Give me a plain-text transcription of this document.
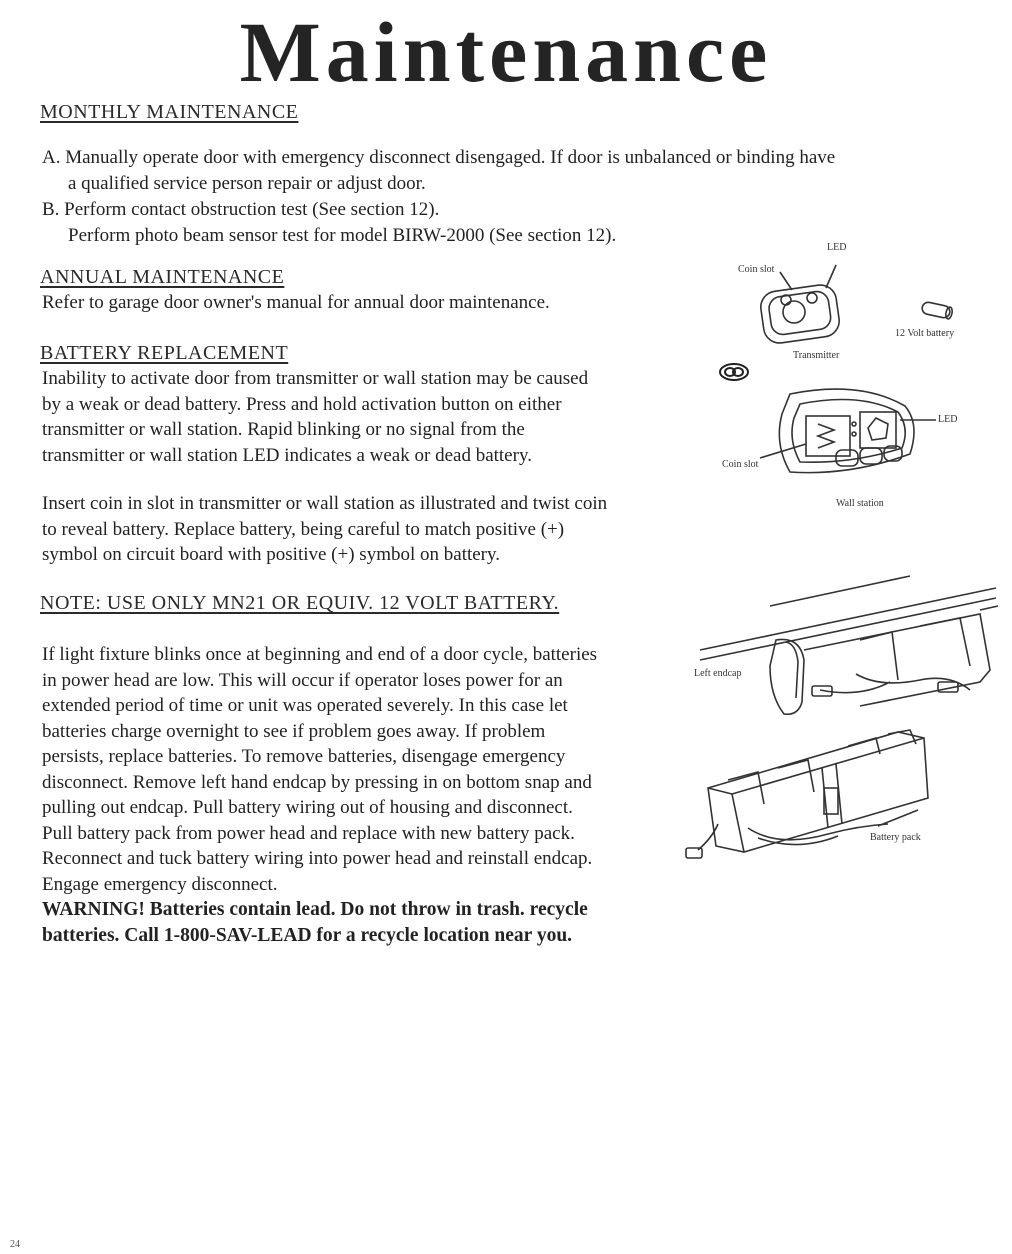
Maintenance
MONTHLY MAINTENANCE
A. Manually operate door with emergency disconnect disengaged. If door is unbalanced or binding have
a qualified service person repair or adjust door.
B. Perform contact obstruction test (See section 12).
Perform photo beam sensor test for model BIRW-2000 (See section 12).
ANNUAL MAINTENANCE
Refer to garage door owner's manual for annual door maintenance.
BATTERY REPLACEMENT
Inability to activate door from transmitter or wall station may be caused
by a weak or dead battery. Press and hold activation button on either
transmitter or wall station. Rapid blinking or no signal from the
transmitter or wall station LED indicates a weak or dead battery.
Insert coin in slot in transmitter or wall station as illustrated and twist coin
to reveal battery. Replace battery, being careful to match positive (+)
symbol on circuit board with positive (+) symbol on battery.
NOTE: USE ONLY MN21 OR EQUIV. 12 VOLT BATTERY.
If light fixture blinks once at beginning and end of a door cycle, batteries
in power head are low. This will occur if operator loses power for an
extended period of time or unit was operated severely. In this case let
batteries charge overnight to see if problem goes away. If problem
persists, replace batteries. To remove batteries, disengage emergency
disconnect. Remove left hand endcap by pressing in on bottom snap and
pulling out endcap. Pull battery wiring out of housing and disconnect.
Pull battery pack from power head and replace with new battery pack.
Reconnect and tuck battery wiring into power head and reinstall endcap.
Engage emergency disconnect.
WARNING! Batteries contain lead. Do not throw in trash. recycle
batteries. Call 1-800-SAV-LEAD for a recycle location near you.
LED
Coin slot
12 Volt battery
Transmitter
LED
Coin slot
Wall station
Left endcap
Battery pack
24
